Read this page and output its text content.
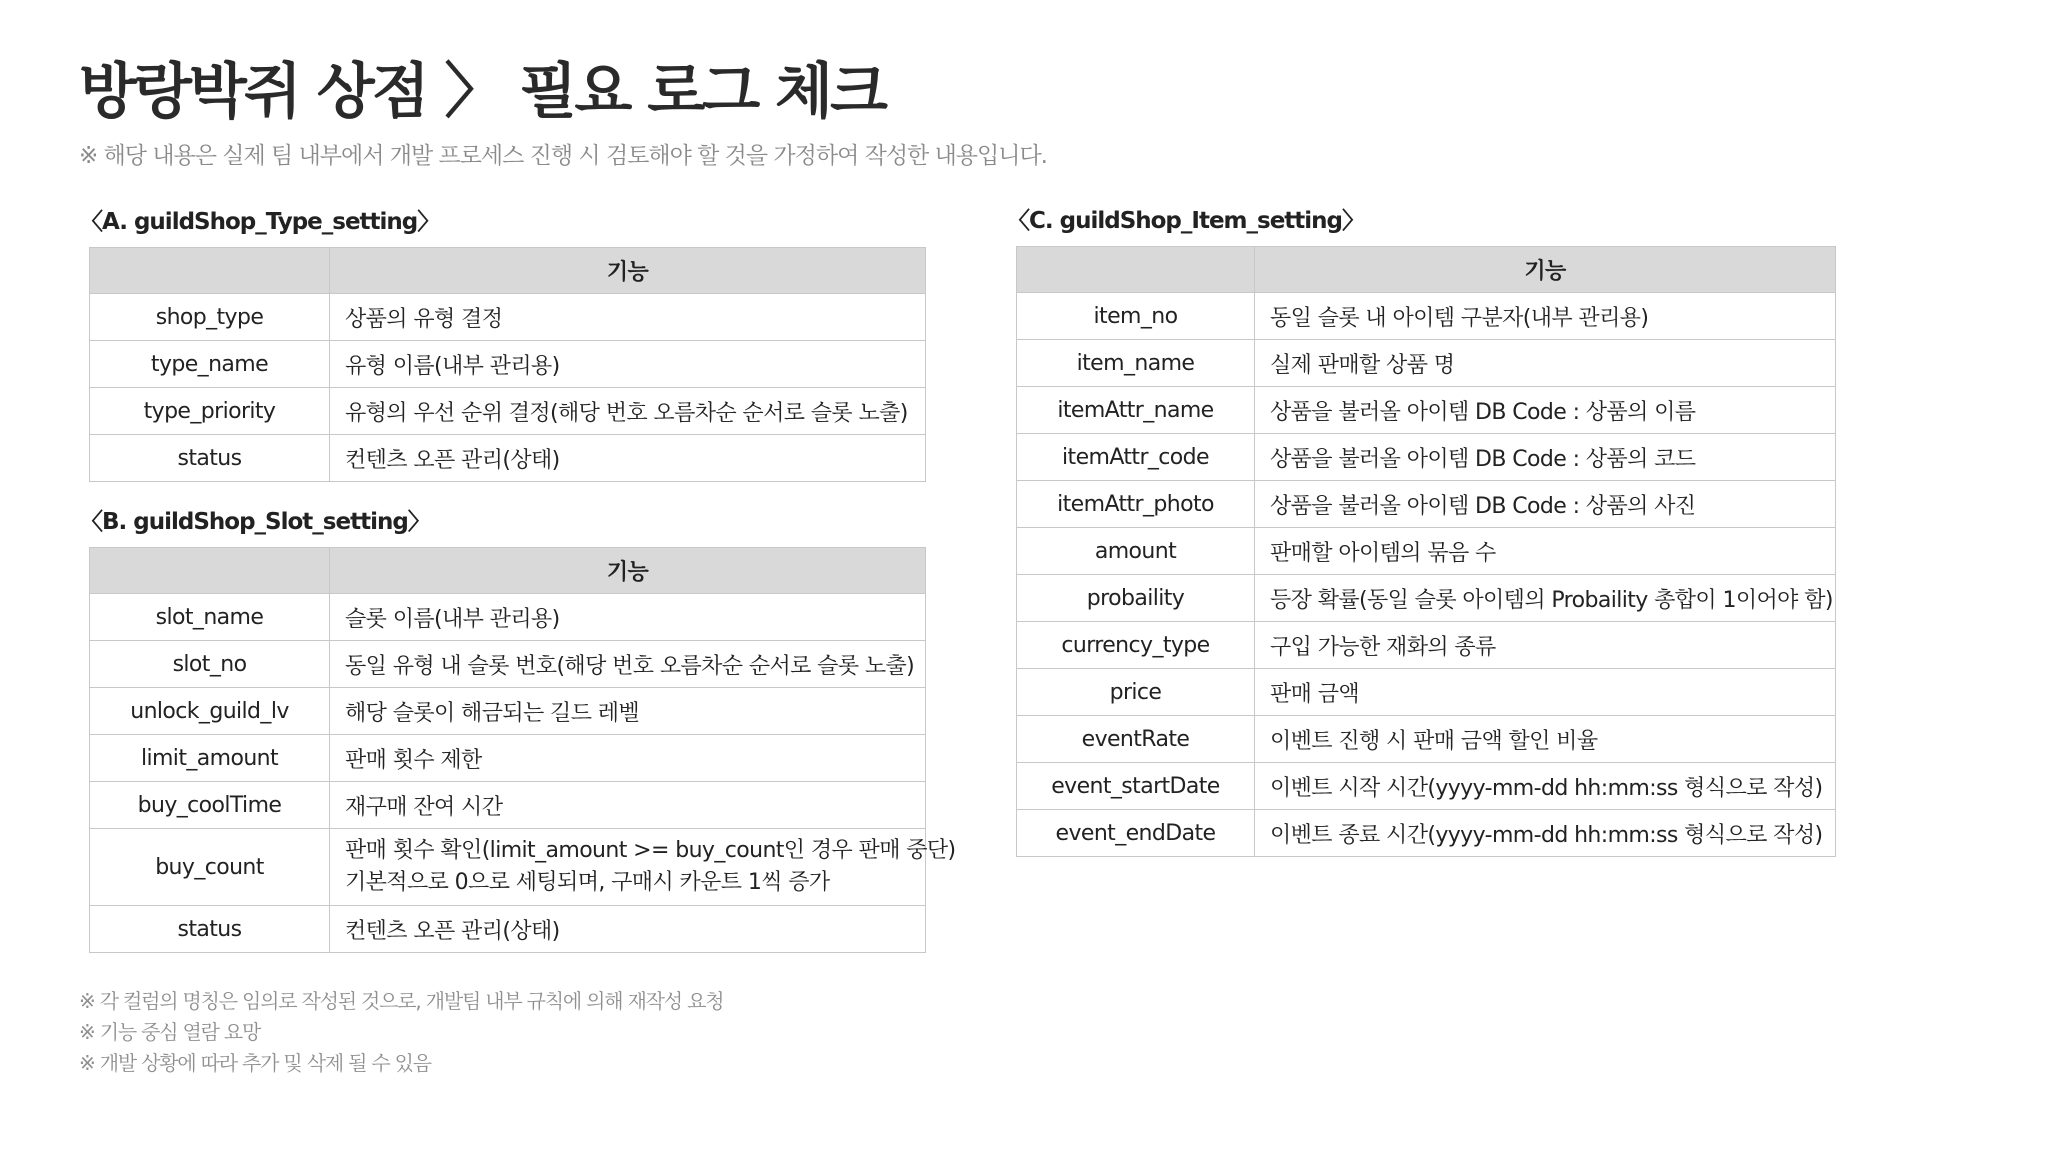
방랑박쥐 상점 〉 필요 로그 체크
※ 해당 내용은 실제 팀 내부에서 개발 프로세스 진행 시 검토해야 할 것을 가정하여 작성한 내용입니다.
〈A. guildShop_Type_setting〉
	기능
shop_type	상품의 유형 결정
type_name	유형 이름(내부 관리용)
type_priority	유형의 우선 순위 결정(해당 번호 오름차순 순서로 슬롯 노출)
status	컨텐츠 오픈 관리(상태)
〈B. guildShop_Slot_setting〉
	기능
slot_name	슬롯 이름(내부 관리용)
slot_no	동일 유형 내 슬롯 번호(해당 번호 오름차순 순서로 슬롯 노출)
unlock_guild_lv	해당 슬롯이 해금되는 길드 레벨
limit_amount	판매 횟수 제한
buy_coolTime	재구매 잔여 시간
buy_count	판매 횟수 확인(limit_amount >= buy_count인 경우 판매 중단)
기본적으로 0으로 세팅되며, 구매시 카운트 1씩 증가

status	컨텐츠 오픈 관리(상태)
〈C. guildShop_Item_setting〉
	기능
item_no	동일 슬롯 내 아이템 구분자(내부 관리용)
item_name	실제 판매할 상품 명
itemAttr_name	상품을 불러올 아이템 DB Code : 상품의 이름
itemAttr_code	상품을 불러올 아이템 DB Code : 상품의 코드
itemAttr_photo	상품을 불러올 아이템 DB Code : 상품의 사진
amount	판매할 아이템의 묶음 수
probaility	등장 확률(동일 슬롯 아이템의 Probaility 총합이 1이어야 함)
currency_type	구입 가능한 재화의 종류
price	판매 금액
eventRate	이벤트 진행 시 판매 금액 할인 비율
event_startDate	이벤트 시작 시간(yyyy-mm-dd hh:mm:ss 형식으로 작성)
event_endDate	이벤트 종료 시간(yyyy-mm-dd hh:mm:ss 형식으로 작성)
※ 각 컬럼의 명칭은 임의로 작성된 것으로, 개발팀 내부 규칙에 의해 재작성 요청
※ 기능 중심 열람 요망
※ 개발 상황에 따라 추가 및 삭제 될 수 있음
